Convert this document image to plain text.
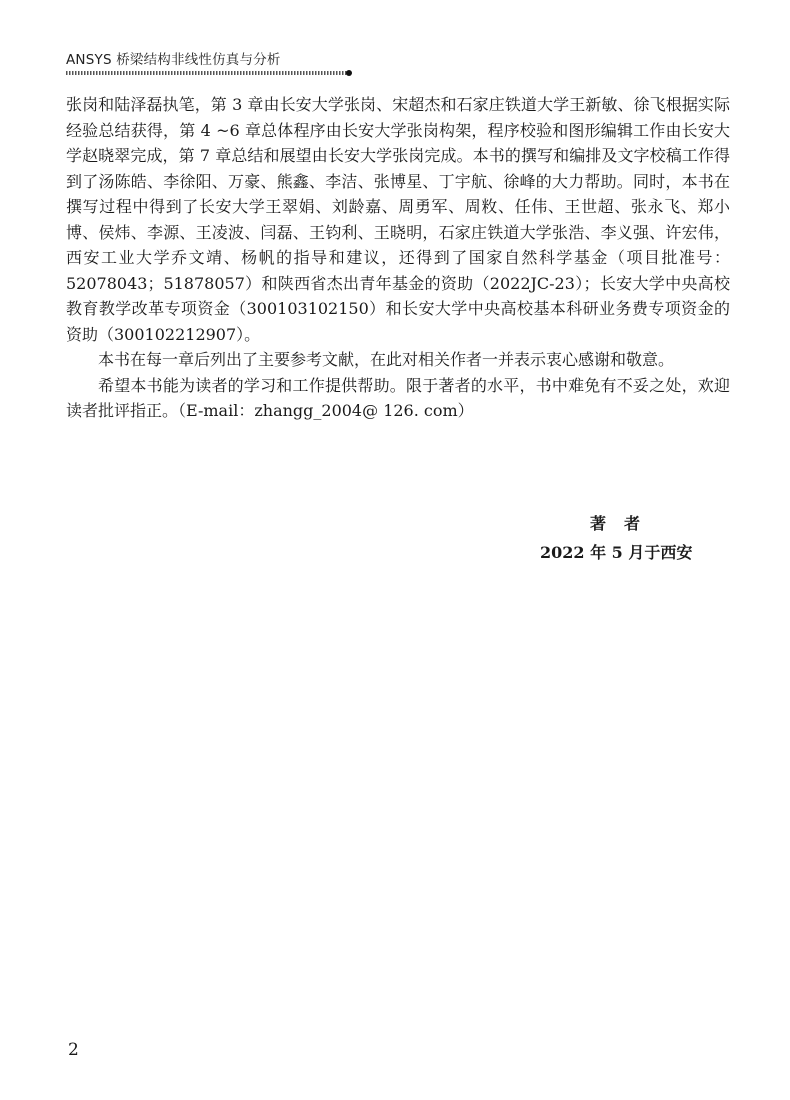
ANSYS 桥梁结构非线性仿真与分析

张岗和陆泽磊执笔，第 3 章由长安大学张岗、宋超杰和石家庄铁道大学王新敏、徐飞根据实际经验总结获得，第 4 ~6 章总体程序由长安大学张岗构架，程序校验和图形编辑工作由长安大学赵晓翠完成，第 7 章总结和展望由长安大学张岗完成。本书的撰写和编排及文字校稿工作得到了汤陈皓、李徐阳、万豪、熊鑫、李洁、张博星、丁宇航、徐峰的大力帮助。同时，本书在撰写过程中得到了长安大学王翠娟、刘龄嘉、周勇军、周敉、任伟、王世超、张永飞、郑小博、侯炜、李源、王凌波、闫磊、王钧利、王晓明，石家庄铁道大学张浩、李义强、许宏伟，西安工业大学乔文靖、杨帆的指导和建议，还得到了国家自然科学基金（项目批准号：52078043；51878057）和陕西省杰出青年基金的资助（2022JC-23）；长安大学中央高校教育教学改革专项资金（300103102150）和长安大学中央高校基本科研业务费专项资金的资助（300102212907）。

本书在每一章后列出了主要参考文献，在此对相关作者一并表示衷心感谢和敬意。

希望本书能为读者的学习和工作提供帮助。限于著者的水平，书中难免有不妥之处，欢迎读者批评指正。（E-mail：zhangg_2004@ 126. com）

著者
2022 年 5 月于西安
2
